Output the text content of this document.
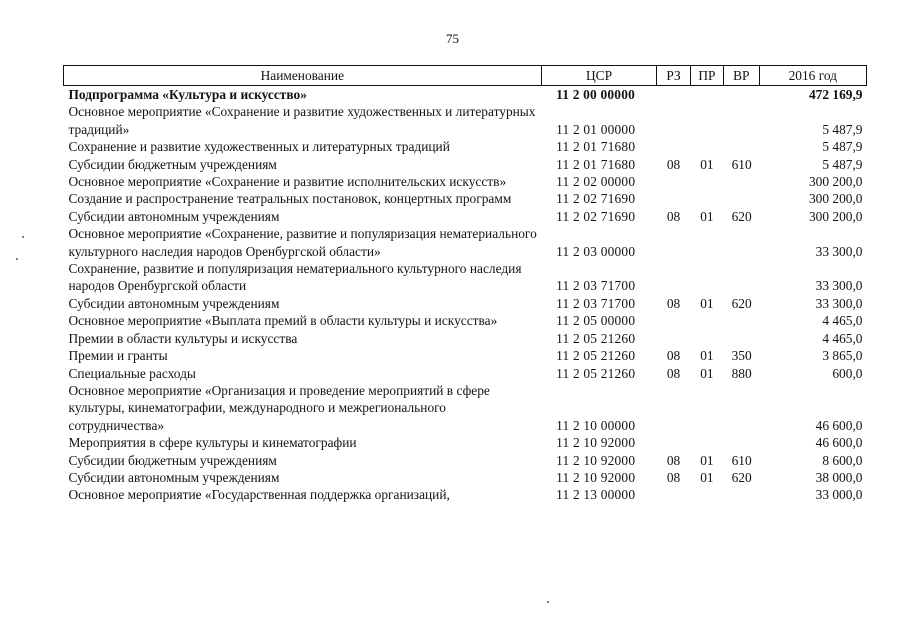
75
Наименование	ЦСР	РЗ	ПР	ВР	2016 год
Подпрограмма «Культура и искусство»	11 2 00 00000				472 169,9
Основное мероприятие «Сохранение и развитие художественных и литературных традиций»	11 2 01 00000				5 487,9
Сохранение и развитие художественных и литературных традиций	11 2 01 71680				5 487,9
Субсидии бюджетным учреждениям	11 2 01 71680	08	01	610	5 487,9
Основное мероприятие «Сохранение и развитие исполнительских искусств»	11 2 02 00000				300 200,0
Создание и распространение театральных постановок, концертных программ	11 2 02 71690				300 200,0
Субсидии автономным учреждениям	11 2 02 71690	08	01	620	300 200,0
Основное мероприятие «Сохранение, развитие и популяризация нематериального культурного наследия народов Оренбургской области»	11 2 03 00000				33 300,0
Сохранение, развитие и популяризация нематериального культурного наследия народов Оренбургской области	11 2 03 71700				33 300,0
Субсидии автономным учреждениям	11 2 03 71700	08	01	620	33 300,0
Основное мероприятие «Выплата премий в области культуры и искусства»	11 2 05 00000				4 465,0
Премии в области культуры и искусства	11 2 05 21260				4 465,0
Премии и гранты	11 2 05 21260	08	01	350	3 865,0
Специальные расходы	11 2 05 21260	08	01	880	600,0
Основное мероприятие «Организация и проведение мероприятий в сфере культуры, кинематографии, международного и межрегионального сотрудничества»	11 2 10 00000				46 600,0
Мероприятия в сфере культуры и кинематографии	11 2 10 92000				46 600,0
Субсидии бюджетным учреждениям	11 2 10 92000	08	01	610	8 600,0
Субсидии автономным учреждениям	11 2 10 92000	08	01	620	38 000,0
Основное мероприятие «Государственная поддержка организаций,	11 2 13 00000				33 000,0
